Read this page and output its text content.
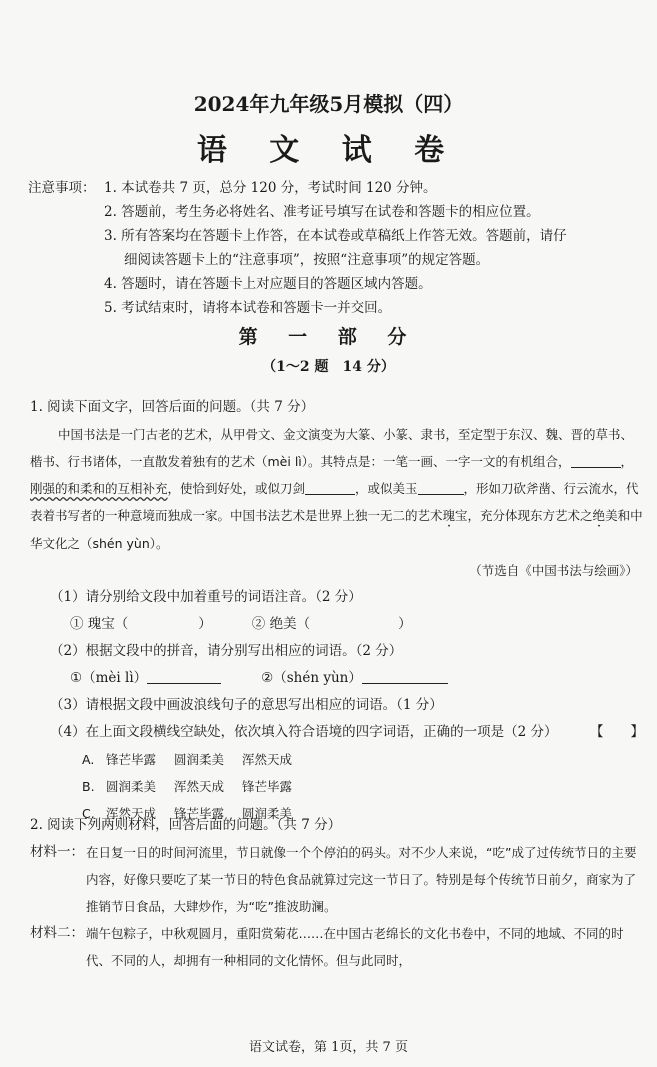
2024年九年级5月模拟（四）
语 文 试 卷
注意事项： 1. 本试卷共 7 页，总分 120 分，考试时间 120 分钟。
2. 答题前，考生务必将姓名、准考证号填写在试卷和答题卡的相应位置。
3. 所有答案均在答题卡上作答，在本试卷或草稿纸上作答无效。答题前，请仔
细阅读答题卡上的“注意事项”，按照“注意事项”的规定答题。
4. 答题时，请在答题卡上对应题目的答题区域内答题。
5. 考试结束时，请将本试卷和答题卡一并交回。
第 一 部 分
（1～2 题　14 分）
1. 阅读下面文字，回答后面的问题。（共 7 分）
中国书法是一门古老的艺术，从甲骨文、金文演变为大篆、小篆、隶书，至定型于东汉、魏、晋的草书、楷书、行书诸体，一直散发着独有的艺术（mèi lì）。其特点是：一笔一画、一字一文的有机组合，	，刚强的和柔和的互相补充，使恰到好处，或似刀剑	，或似美玉	，形如刀砍斧凿、行云流水，代表着书写者的一种意境而独成一家。中国书法艺术是世界上独一无二的艺术瑰宝，充分体现东方艺术之绝美和中华文化之（shén yùn）。
（节选自《中国书法与绘画》）
（1）请分别给文段中加着重号的词语注音。（2 分）
① 瑰宝（	）	② 绝美（	）
（2）根据文段中的拼音，请分别写出相应的词语。（2 分）
①（mèi lì）	②（shén yùn）
（3）请根据文段中画波浪线句子的意思写出相应的词语。（1 分）
（4）在上面文段横线空缺处，依次填入符合语境的四字词语，正确的一项是（2 分） 【　　】
A. 锋芒毕露 圆润柔美 浑然天成
B. 圆润柔美 浑然天成 锋芒毕露
C. 浑然天成 锋芒毕露 圆润柔美
2. 阅读下列两则材料，回答后面的问题。（共 7 分）
材料一： 在日复一日的时间河流里，节日就像一个个停泊的码头。对不少人来说，“吃”成了过传统节日的主要内容，好像只要吃了某一节日的特色食品就算过完这一节日了。特别是每个传统节日前夕，商家为了推销节日食品，大肆炒作，为“吃”推波助澜。
材料二： 端午包粽子，中秋观圆月，重阳赏菊花……在中国古老绵长的文化书卷中，不同的地域、不同的时代、不同的人，却拥有一种相同的文化情怀。但与此同时，
语文试卷，第 1页，共 7 页
